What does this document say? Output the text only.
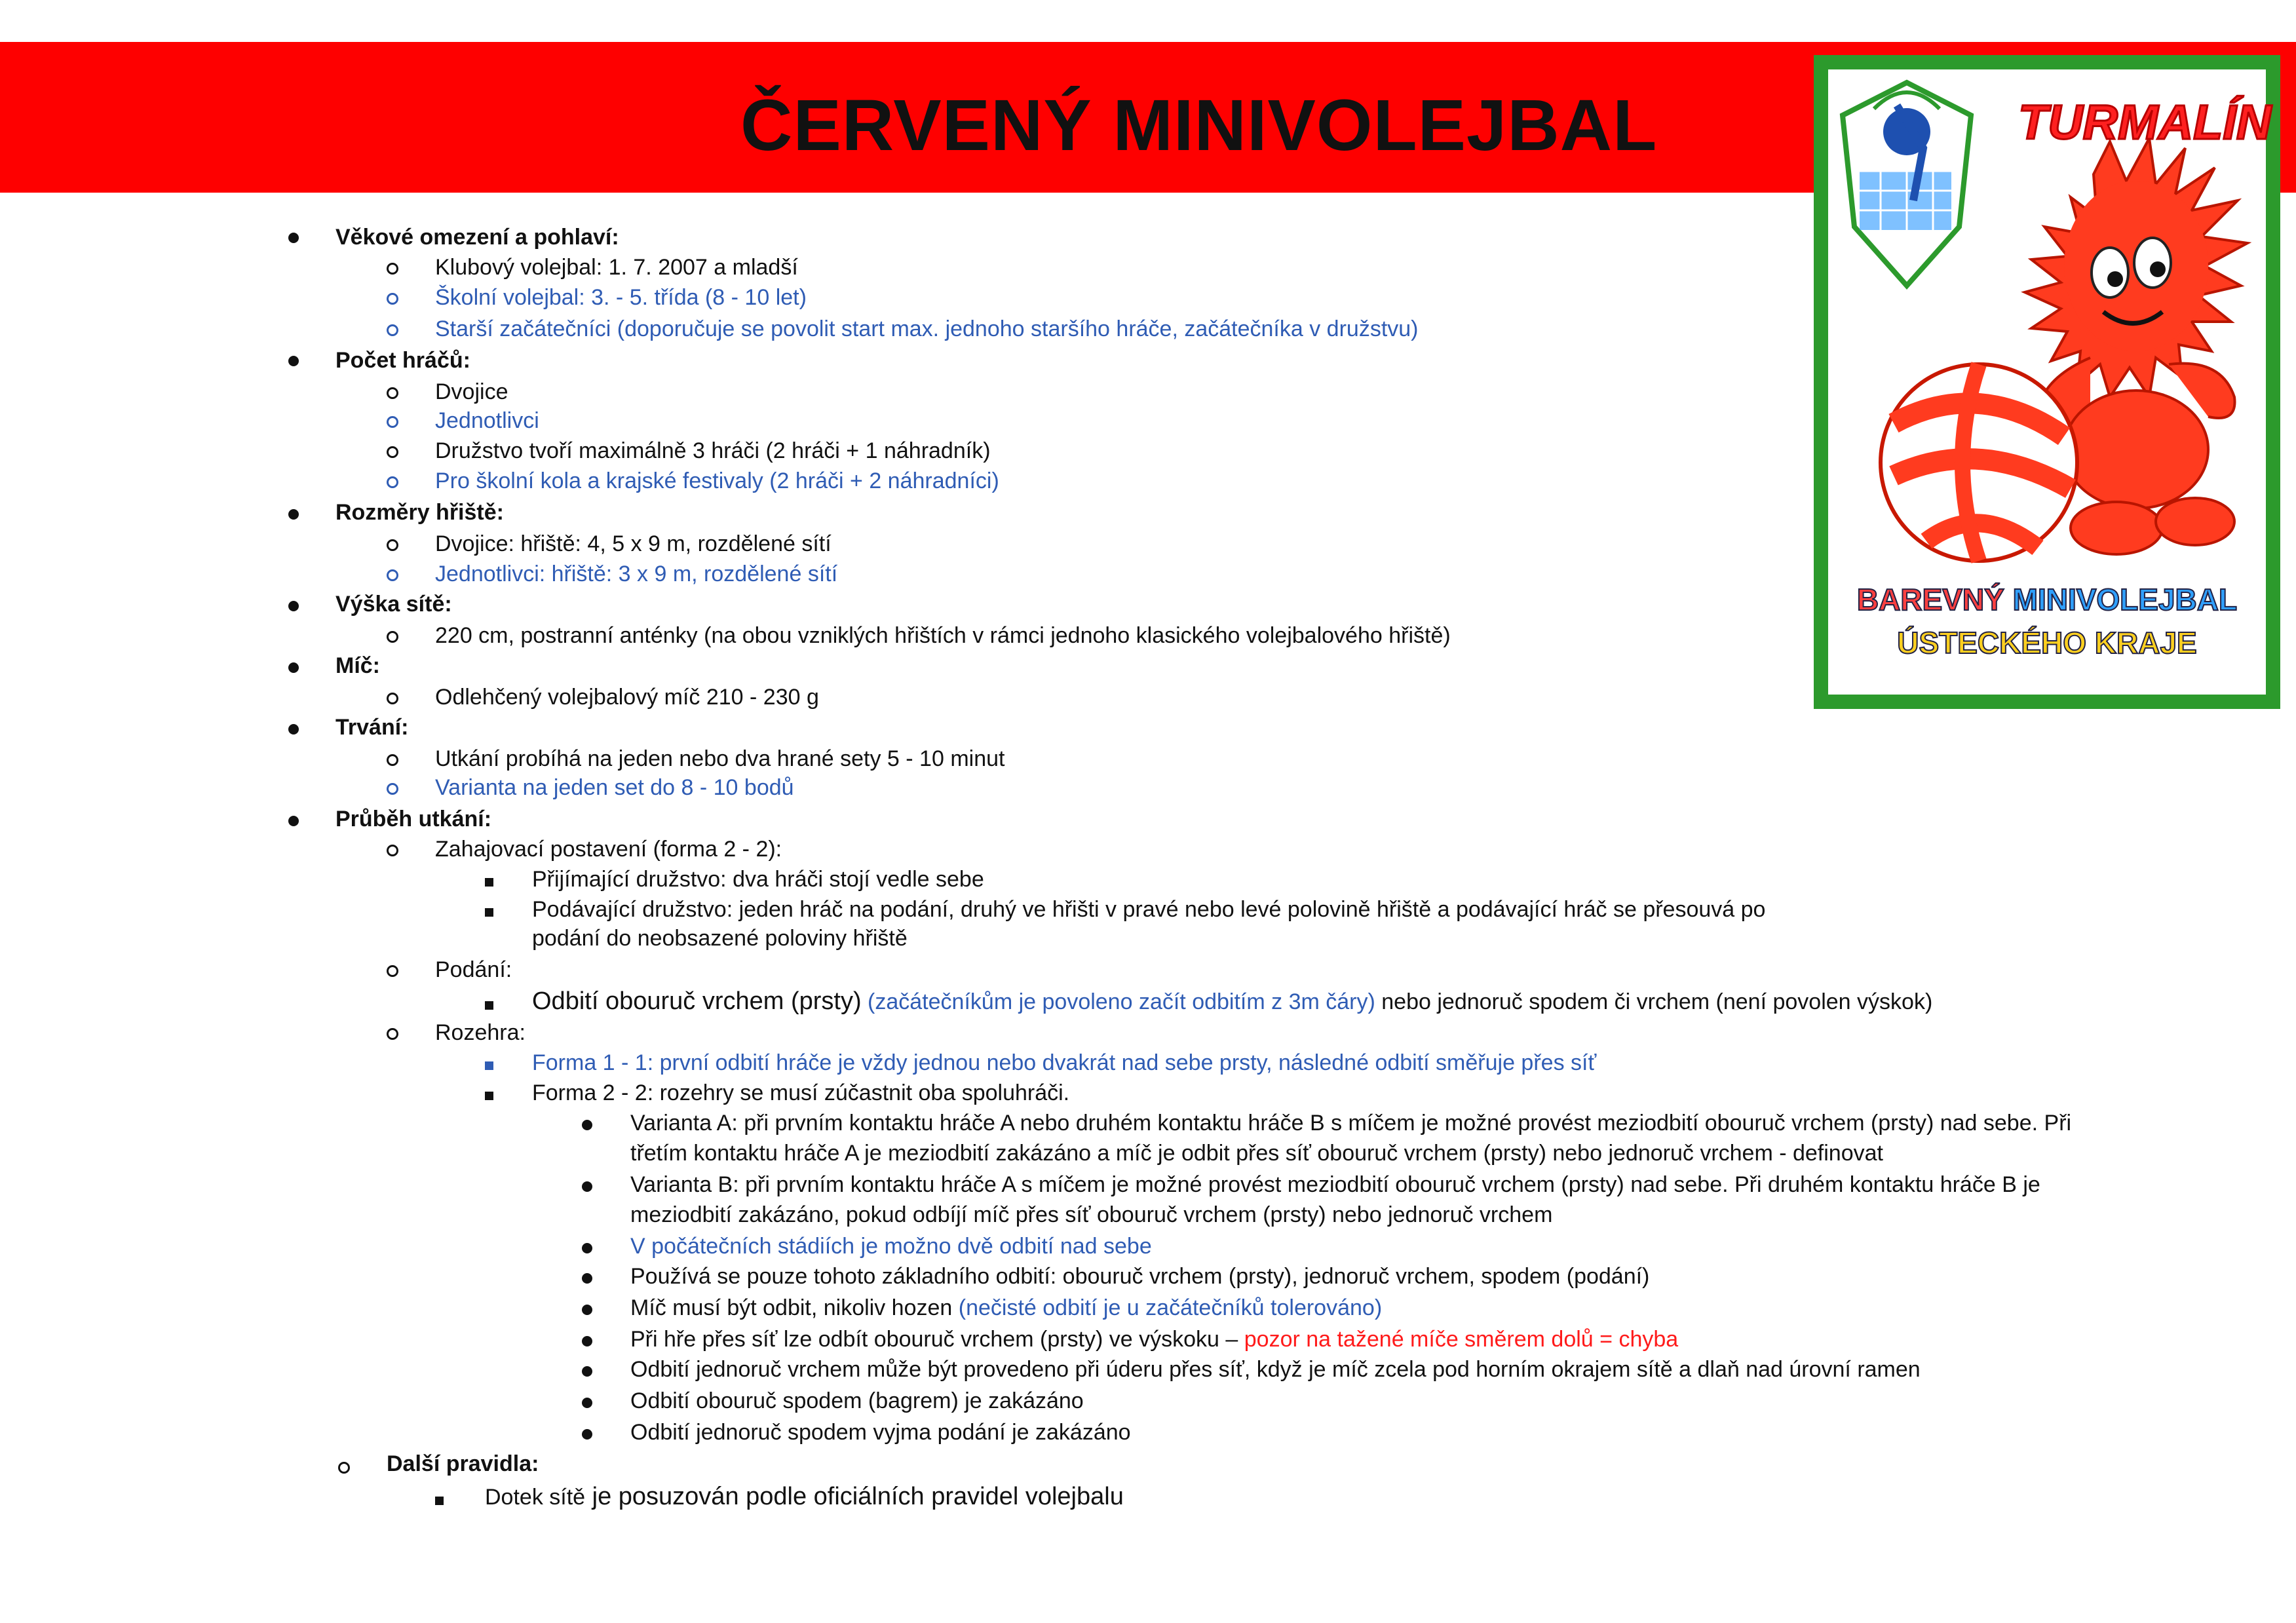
ČERVENÝ MINIVOLEJBAL	TURMALÍN
BAREVNÝ MINIVOLEJBAL
ÚSTECKÉHO KRAJE
Věkové omezení a pohlaví:
Klubový volejbal: 1. 7. 2007 a mladší
Školní volejbal: 3. - 5. třída (8 - 10 let)
Starší začátečníci (doporučuje se povolit start max. jednoho staršího hráče, začátečníka v družstvu)
Počet hráčů:
Dvojice
Jednotlivci
Družstvo tvoří maximálně 3 hráči (2 hráči + 1 náhradník)
Pro školní kola a krajské festivaly (2 hráči + 2 náhradníci)
Rozměry hřiště:
Dvojice: hřiště: 4, 5 x 9 m, rozdělené sítí
Jednotlivci: hřiště: 3 x 9 m, rozdělené sítí
Výška sítě:
220 cm, postranní anténky (na obou vzniklých hřištích v rámci jednoho klasického volejbalového hřiště)
Míč:
Odlehčený volejbalový míč 210 - 230 g
Trvání:
Utkání probíhá na jeden nebo dva hrané sety 5 - 10 minut
Varianta na jeden set do 8 - 10 bodů
Průběh utkání:
Zahajovací postavení (forma 2 - 2):
Přijímající družstvo: dva hráči stojí vedle sebe
Podávající družstvo: jeden hráč na podání, druhý ve hřišti v pravé nebo levé polovině hřiště a podávající hráč se přesouvá po
podání do neobsazené poloviny hřiště
Podání:
Odbití obouruč vrchem (prsty) (začátečníkům je povoleno začít odbitím z 3m čáry) nebo jednoruč spodem či vrchem (není povolen výskok)
Rozehra:
Forma 1 - 1: první odbití hráče je vždy jednou nebo dvakrát nad sebe prsty, následné odbití směřuje přes síť
Forma 2 - 2: rozehry se musí zúčastnit oba spoluhráči.
Varianta A: při prvním kontaktu hráče A nebo druhém kontaktu hráče B s míčem je možné provést meziodbití obouruč vrchem (prsty) nad sebe. Při
třetím kontaktu hráče A je meziodbití zakázáno a míč je odbit přes síť obouruč vrchem (prsty) nebo jednoruč vrchem - definovat
Varianta B: při prvním kontaktu hráče A s míčem je možné provést meziodbití obouruč vrchem (prsty) nad sebe. Při druhém kontaktu hráče B je
meziodbití zakázáno, pokud odbíjí míč přes síť obouruč vrchem (prsty) nebo jednoruč vrchem
V počátečních stádiích je možno dvě odbití nad sebe
Používá se pouze tohoto základního odbití: obouruč vrchem (prsty), jednoruč vrchem, spodem (podání)
Míč musí být odbit, nikoliv hozen (nečisté odbití je u začátečníků tolerováno)
Při hře přes síť lze odbít obouruč vrchem (prsty) ve výskoku – pozor na tažené míče směrem dolů = chyba
Odbití jednoruč vrchem může být provedeno při úderu přes síť, když je míč zcela pod horním okrajem sítě a dlaň nad úrovní ramen
Odbití obouruč spodem (bagrem) je zakázáno
Odbití jednoruč spodem vyjma podání je zakázáno
Další pravidla:
Dotek sítě je posuzován podle oficiálních pravidel volejbalu
